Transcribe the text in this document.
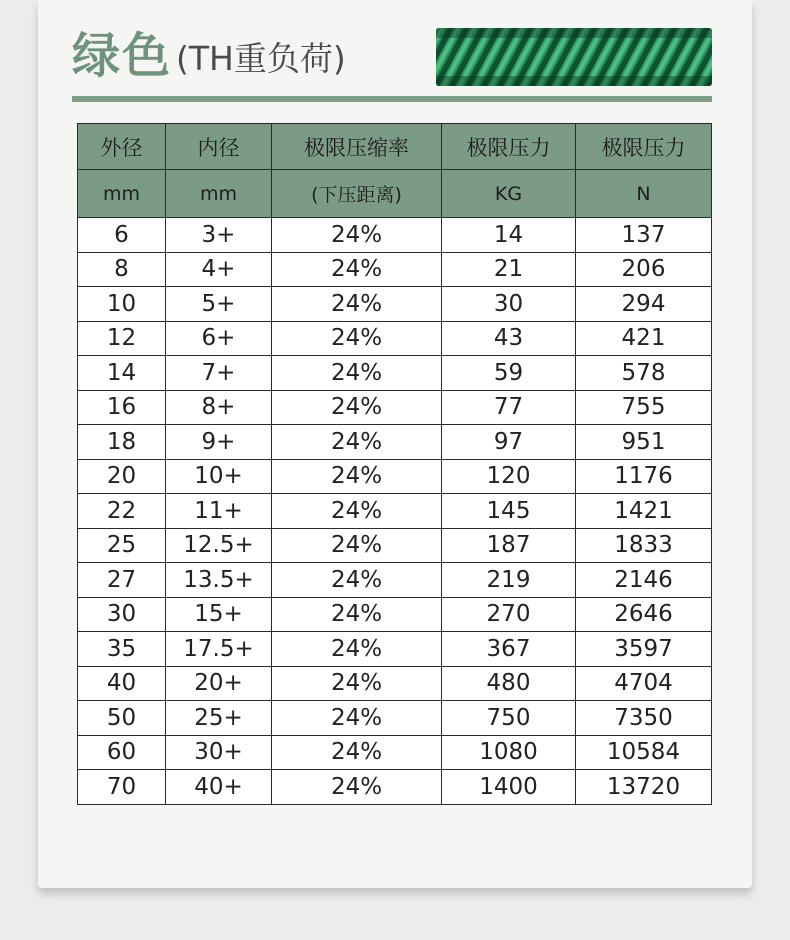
绿色 (TH重负荷)
外径	内径	极限压缩率	极限压力	极限压力
mm	mm	(下压距离)	KG	N
6	3+	24%	14	137
8	4+	24%	21	206
10	5+	24%	30	294
12	6+	24%	43	421
14	7+	24%	59	578
16	8+	24%	77	755
18	9+	24%	97	951
20	10+	24%	120	1176
22	11+	24%	145	1421
25	12.5+	24%	187	1833
27	13.5+	24%	219	2146
30	15+	24%	270	2646
35	17.5+	24%	367	3597
40	20+	24%	480	4704
50	25+	24%	750	7350
60	30+	24%	1080	10584
70	40+	24%	1400	13720
